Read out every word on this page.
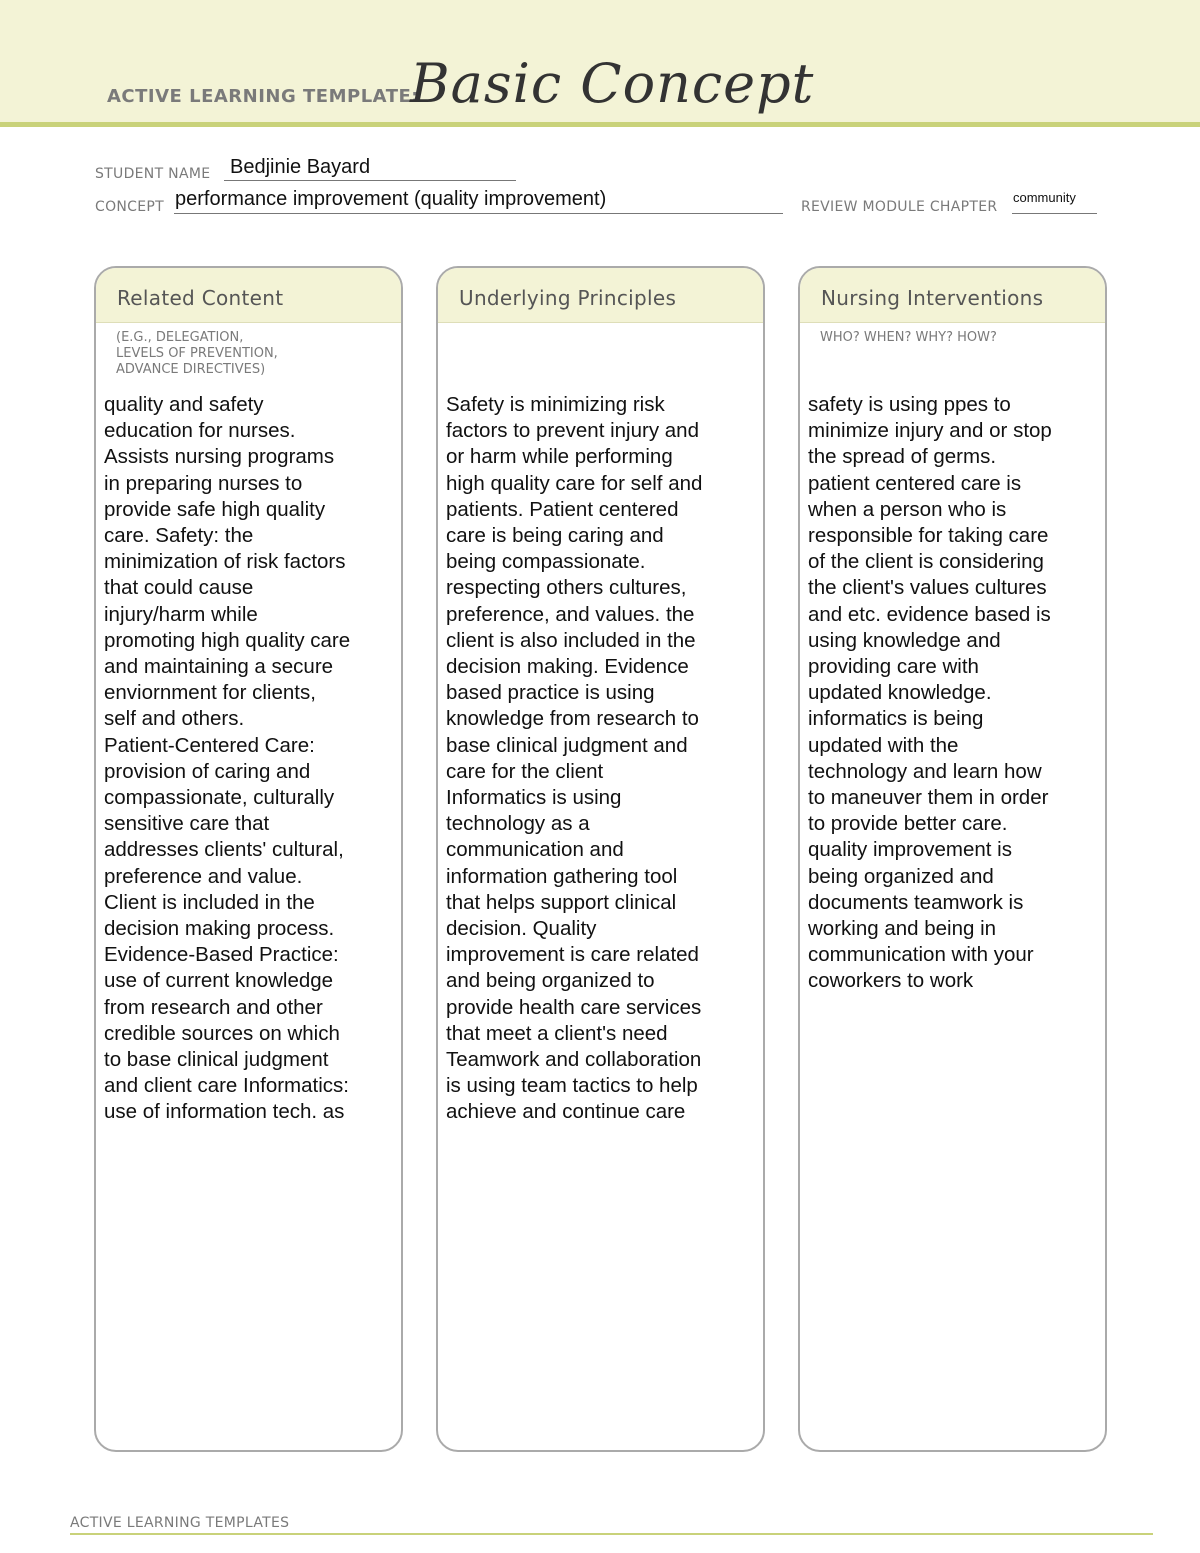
ACTIVE LEARNING TEMPLATE:
Basic Concept
STUDENT NAME Bedjinie Bayard
CONCEPT performance improvement (quality improvement)	REVIEW MODULE CHAPTER
community
Related Content
(E.G., DELEGATION,
LEVELS OF PREVENTION,
ADVANCE DIRECTIVES)
quality and safety
education for nurses.
Assists nursing programs
in preparing nurses to
provide safe high quality
care. Safety: the
minimization of risk factors
that could cause
injury/harm while
promoting high quality care
and maintaining a secure
enviornment for clients,
self and others.
Patient-Centered Care:
provision of caring and
compassionate, culturally
sensitive care that
addresses clients' cultural,
preference and value.
Client is included in the
decision making process.
Evidence-Based Practice:
use of current knowledge
from research and other
credible sources on which
to base clinical judgment
and client care Informatics:
use of information tech. as
Underlying Principles
Safety is minimizing risk
factors to prevent injury and
or harm while performing
high quality care for self and
patients. Patient centered
care is being caring and
being compassionate.
respecting others cultures,
preference, and values. the
client is also included in the
decision making. Evidence
based practice is using
knowledge from research to
base clinical judgment and
care for the client
Informatics is using
technology as a
communication and
information gathering tool
that helps support clinical
decision. Quality
improvement is care related
and being organized to
provide health care services
that meet a client's need
Teamwork and collaboration
is using team tactics to help
achieve and continue care
Nursing Interventions
WHO? WHEN? WHY? HOW?
safety is using ppes to
minimize injury and or stop
the spread of germs.
patient centered care is
when a person who is
responsible for taking care
of the client is considering
the client's values cultures
and etc. evidence based is
using knowledge and
providing care with
updated knowledge.
informatics is being
updated with the
technology and learn how
to maneuver them in order
to provide better care.
quality improvement is
being organized and
documents teamwork is
working and being in
communication with your
coworkers to work
ACTIVE LEARNING TEMPLATES
